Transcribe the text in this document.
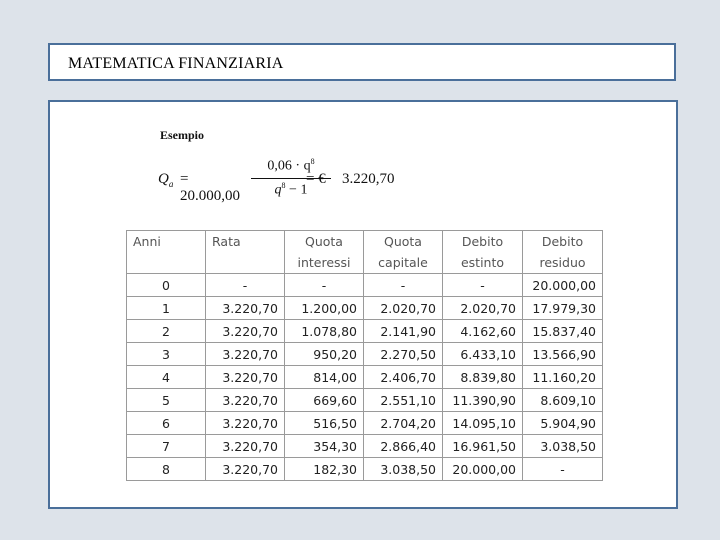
MATEMATICA FINANZIARIA
Esempio
$Q_a = 20.000,00$
$0,06 \cdot q^8$
$q^8 - 1$
= € 3.220,70
Anni	Rata	Quota	Quota	Debito	Debito
		interessi	capitale	estinto	residuo
0	-	-	-	-	20.000,00
1	3.220,70	1.200,00	2.020,70	2.020,70	17.979,30
2	3.220,70	1.078,80	2.141,90	4.162,60	15.837,40
3	3.220,70	950,20	2.270,50	6.433,10	13.566,90
4	3.220,70	814,00	2.406,70	8.839,80	11.160,20
5	3.220,70	669,60	2.551,10	11.390,90	8.609,10
6	3.220,70	516,50	2.704,20	14.095,10	5.904,90
7	3.220,70	354,30	2.866,40	16.961,50	3.038,50
8	3.220,70	182,30	3.038,50	20.000,00	-
